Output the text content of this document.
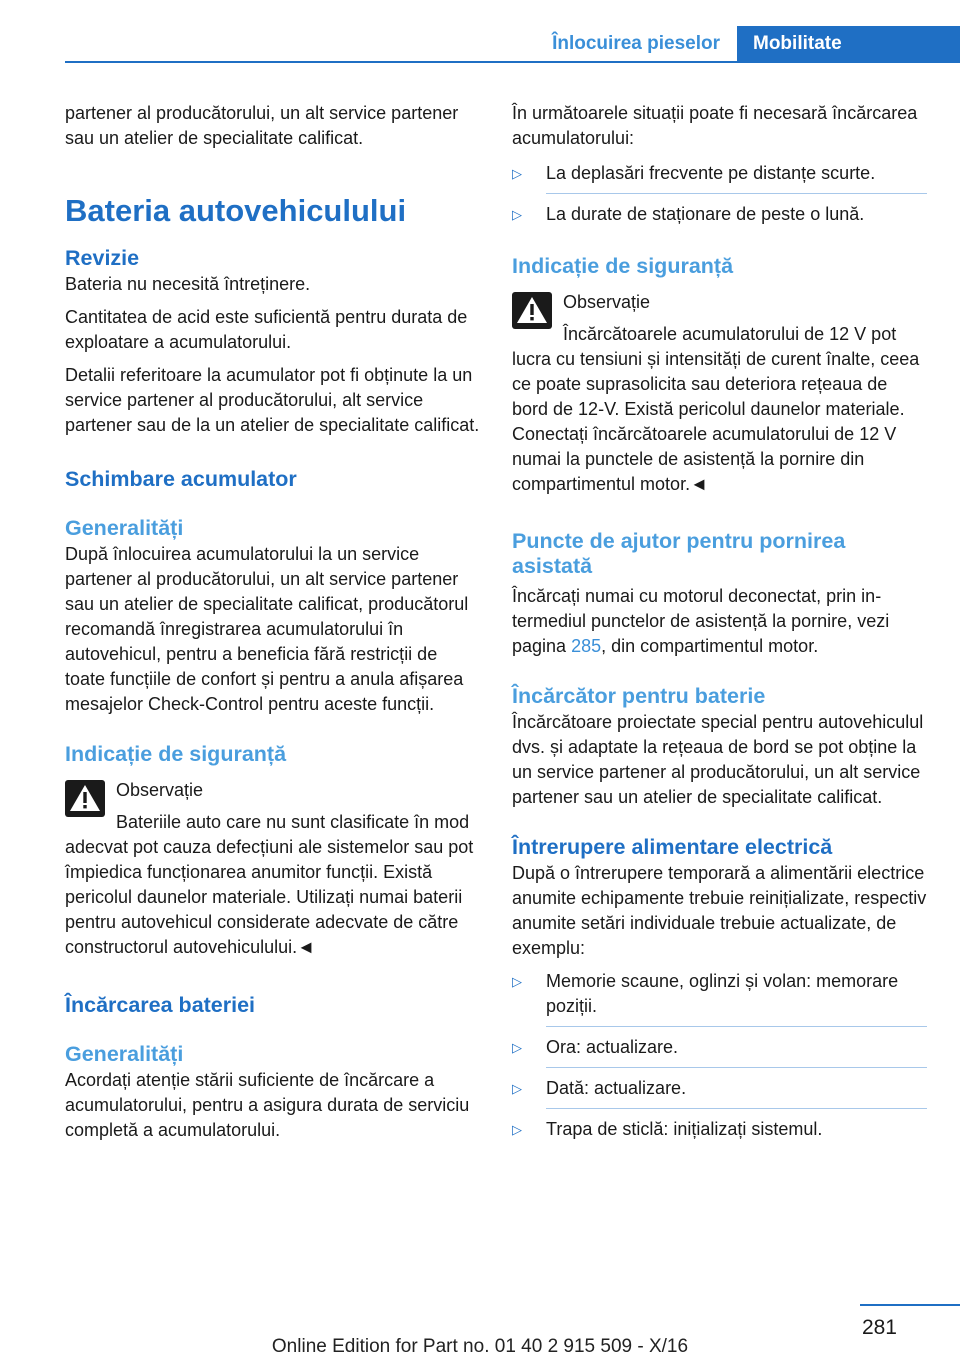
Înlocuirea pieselor	Mobilitate

partener al producătorului, un alt service partener sau un atelier de specialitate calificat.

Bateria autovehiculului
Revizie

Bateria nu necesită întreținere.

Cantitatea de acid este suficientă pentru durata de exploatare a acumulatorului.

Detalii referitoare la acumulator pot fi obținute la un service partener al producătorului, alt service partener sau de la un atelier de specialitate calificat.

Schimbare acumulator
Generalități

După înlocuirea acumulatorului la un service partener al producătorului, un alt service partener sau un atelier de specialitate calificat, producătorul recomandă înregistrarea acumulatorului în autovehicul, pentru a beneficia fără restricții de toate funcțiile de confort și pentru a anula afișarea mesajelor Check-Control pentru aceste funcții.

Indicație de siguranță
Observație

Bateriile auto care nu sunt clasificate în mod adecvat pot cauza defecțiuni ale sistemelor sau pot împiedica funcționarea anumitor funcții. Există pericolul daunelor materiale. Utilizați numai baterii pentru autovehicul considerate adecvate de către constructorul autovehiculului.◄

Încărcarea bateriei
Generalități

Acordați atenție stării suficiente de încărcare a acumulatorului, pentru a asigura durata de serviciu completă a acumulatorului.

În următoarele situații poate fi necesară încărcarea acumulatorului:

▷ La deplasări frecvente pe distanțe scurte.
▷ La durate de staționare de peste o lună.
Indicație de siguranță
Observație

Încărcătoarele acumulatorului de 12 V pot lucra cu tensiuni și intensități de curent înalte, ceea ce poate suprasolicita sau deteriora rețeaua de bord de 12-V. Există pericolul daunelor materiale. Conectați încărcătoarele acumulatorului de 12 V numai la punctele de asistență la pornire din compartimentul motor.◄

Puncte de ajutor pentru pornirea asistată

Încărcați numai cu motorul deconectat, prin intermediul punctelor de asistență la pornire, vezi pagina 285, din compartimentul motor.

Încărcător pentru baterie

Încărcătoare proiectate special pentru autovehiculul dvs. și adaptate la rețeaua de bord se pot obține la un service partener al producătorului, un alt service partener sau un atelier de specialitate calificat.

Întrerupere alimentare electrică

După o întrerupere temporară a alimentării electrice anumite echipamente trebuie reinițializate, respectiv anumite setări individuale trebuie actualizate, de exemplu:

▷ Memorie scaune, oglinzi și volan: memorare poziții.
▷ Ora: actualizare.
▷ Dată: actualizare.
▷ Trapa de sticlă: inițializați sistemul.
281
Online Edition for Part no. 01 40 2 915 509 - X/16
